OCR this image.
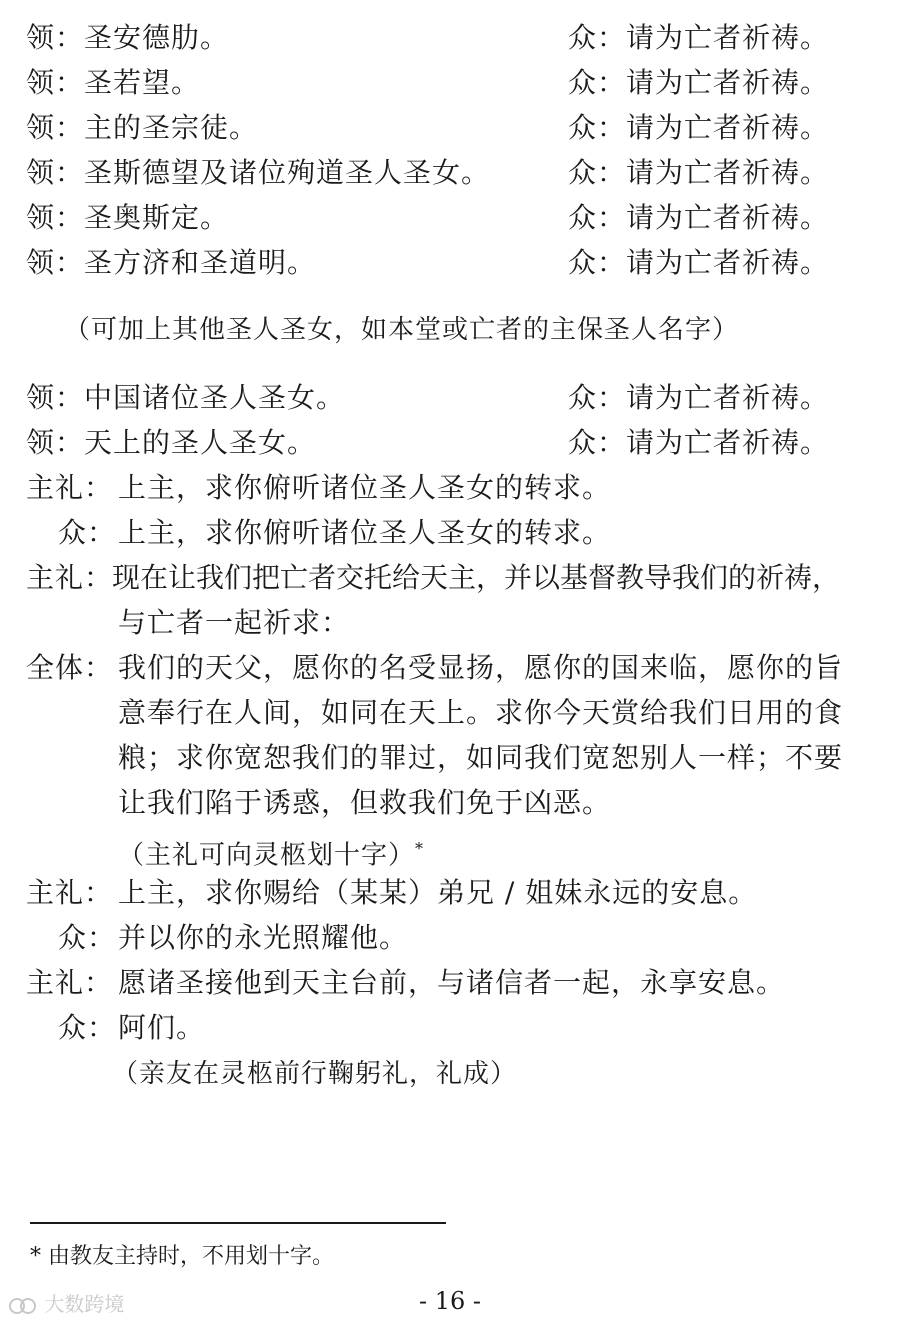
领：圣安德肋。	众：请为亡者祈祷。
领：圣若望。	众：请为亡者祈祷。
领：主的圣宗徒。	众：请为亡者祈祷。
领：圣斯德望及诸位殉道圣人圣女。	众：请为亡者祈祷。
领：圣奥斯定。	众：请为亡者祈祷。
领：圣方济和圣道明。	众：请为亡者祈祷。
（可加上其他圣人圣女，如本堂或亡者的主保圣人名字）
领：中国诸位圣人圣女。	众：请为亡者祈祷。
领：天上的圣人圣女。	众：请为亡者祈祷。
主礼： 上主，求你俯听诸位圣人圣女的转求。
众： 上主，求你俯听诸位圣人圣女的转求。
主礼：
现在让我们把亡者交托给天主，并以基督教导我们的祈祷，
与亡者一起祈求：
全体： 我们的天父，愿你的名受显扬，愿你的国来临，愿你的旨
意奉行在人间，如同在天上。求你今天赏给我们日用的食
粮；求你宽恕我们的罪过，如同我们宽恕别人一样；不要
让我们陷于诱惑，但救我们免于凶恶。
（主礼可向灵柩划十字）*
主礼： 上主，求你赐给（某某）弟兄 / 姐妹永远的安息。
众： 并以你的永光照耀他。
主礼： 愿诸圣接他到天主台前，与诸信者一起，永享安息。
众： 阿们。
（亲友在灵柩前行鞠躬礼，礼成）
* 由教友主持时，不用划十字。
- 16 -
大数跨境
